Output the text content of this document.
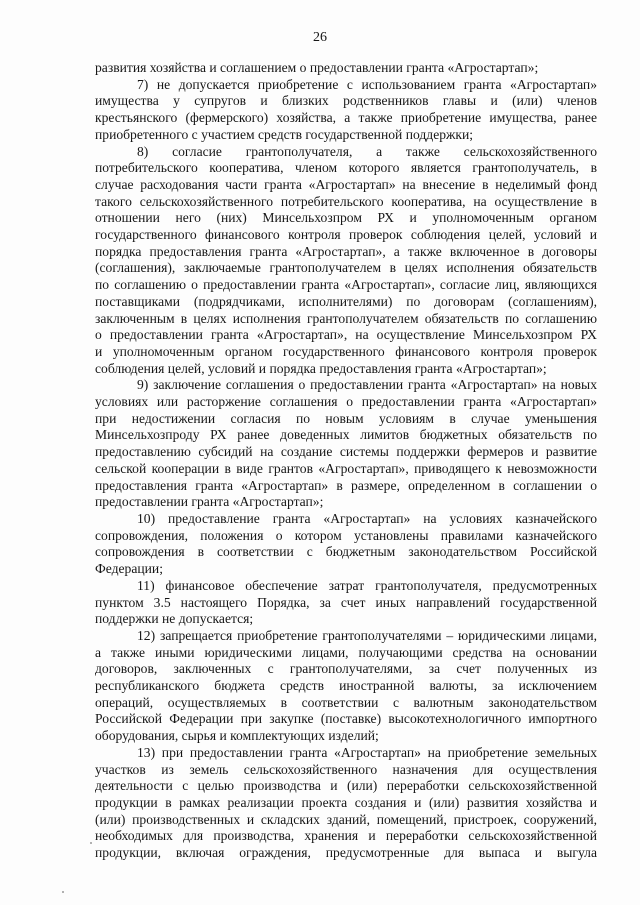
26
развития хозяйства и соглашением о предоставлении гранта «Агростартап»;
7) не допускается приобретение с использованием гранта «Агростартап»
имущества у супругов и близких родственников главы и (или) членов
крестьянского (фермерского) хозяйства, а также приобретение имущества, ранее
приобретенного с участием средств государственной поддержки;
8) согласие грантополучателя, а также сельскохозяйственного
потребительского кооператива, членом которого является грантополучатель, в
случае расходования части гранта «Агростартап» на внесение в неделимый фонд
такого сельскохозяйственного потребительского кооператива, на осуществление в
отношении него (них) Минсельхозпром РХ и уполномоченным органом
государственного финансового контроля проверок соблюдения целей, условий и
порядка предоставления гранта «Агростартап», а также включенное в договоры
(соглашения), заключаемые грантополучателем в целях исполнения обязательств
по соглашению о предоставлении гранта «Агростартап», согласие лиц, являющихся
поставщиками (подрядчиками, исполнителями) по договорам (соглашениям),
заключенным в целях исполнения грантополучателем обязательств по соглашению
о предоставлении гранта «Агростартап», на осуществление Минсельхозпром РХ
и уполномоченным органом государственного финансового контроля проверок
соблюдения целей, условий и порядка предоставления гранта «Агростартап»;
9) заключение соглашения о предоставлении гранта «Агростартап» на новых
условиях или расторжение соглашения о предоставлении гранта «Агростартап»
при недостижении согласия по новым условиям в случае уменьшения
Минсельхозпроду РХ ранее доведенных лимитов бюджетных обязательств по
предоставлению субсидий на создание системы поддержки фермеров и развитие
сельской кооперации в виде грантов «Агростартап», приводящего к невозможности
предоставления гранта «Агростартап» в размере, определенном в соглашении о
предоставлении гранта «Агростартап»;
10) предоставление гранта «Агростартап» на условиях казначейского
сопровождения, положения о котором установлены правилами казначейского
сопровождения в соответствии с бюджетным законодательством Российской
Федерации;
11) финансовое обеспечение затрат грантополучателя, предусмотренных
пунктом 3.5 настоящего Порядка, за счет иных направлений государственной
поддержки не допускается;
12) запрещается приобретение грантополучателями – юридическими лицами,
а также иными юридическими лицами, получающими средства на основании
договоров, заключенных с грантополучателями, за счет полученных из
республиканского бюджета средств иностранной валюты, за исключением
операций, осуществляемых в соответствии с валютным законодательством
Российской Федерации при закупке (поставке) высокотехнологичного импортного
оборудования, сырья и комплектующих изделий;
13) при предоставлении гранта «Агростартап» на приобретение земельных
участков из земель сельскохозяйственного назначения для осуществления
деятельности с целью производства и (или) переработки сельскохозяйственной
продукции в рамках реализации проекта создания и (или) развития хозяйства и
(или) производственных и складских зданий, помещений, пристроек, сооружений,
необходимых для производства, хранения и переработки сельскохозяйственной
продукции, включая ограждения, предусмотренные для выпаса и выгула
